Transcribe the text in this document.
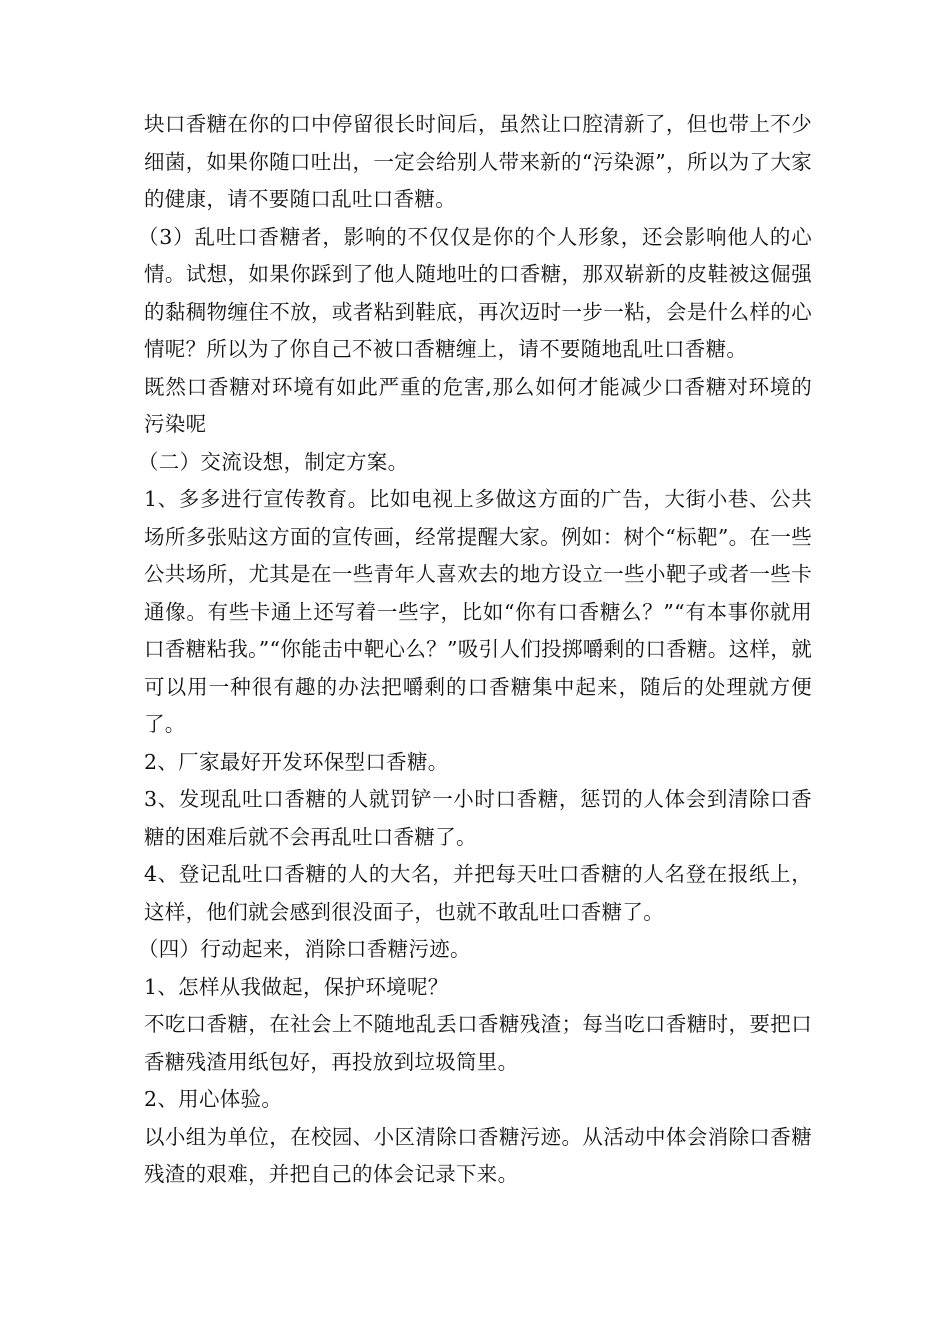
块口香糖在你的口中停留很长时间后，虽然让口腔清新了，但也带上不少细菌，如果你随口吐出，一定会给别人带来新的“污染源”，所以为了大家的健康，请不要随口乱吐口香糖。

（3）乱吐口香糖者，影响的不仅仅是你的个人形象，还会影响他人的心情。试想，如果你踩到了他人随地吐的口香糖，那双崭新的皮鞋被这倔强的黏稠物缠住不放，或者粘到鞋底，再次迈时一步一粘，会是什么样的心情呢？所以为了你自己不被口香糖缠上，请不要随地乱吐口香糖。

既然口香糖对环境有如此严重的危害,那么如何才能减少口香糖对环境的污染呢

（二）交流设想，制定方案。

1、多多进行宣传教育。比如电视上多做这方面的广告，大街小巷、公共场所多张贴这方面的宣传画，经常提醒大家。例如：树个“标靶”。在一些公共场所，尤其是在一些青年人喜欢去的地方设立一些小靶子或者一些卡通像。有些卡通上还写着一些字，比如“你有口香糖么？”“有本事你就用口香糖粘我。”“你能击中靶心么？”吸引人们投掷嚼剩的口香糖。这样，就可以用一种很有趣的办法把嚼剩的口香糖集中起来，随后的处理就方便了。

2、厂家最好开发环保型口香糖。

3、发现乱吐口香糖的人就罚铲一小时口香糖，惩罚的人体会到清除口香糖的困难后就不会再乱吐口香糖了。

4、登记乱吐口香糖的人的大名，并把每天吐口香糖的人名登在报纸上，这样，他们就会感到很没面子，也就不敢乱吐口香糖了。

（四）行动起来，消除口香糖污迹。

1、怎样从我做起，保护环境呢？

不吃口香糖，在社会上不随地乱丢口香糖残渣；每当吃口香糖时，要把口香糖残渣用纸包好，再投放到垃圾筒里。

2、用心体验。

以小组为单位，在校园、小区清除口香糖污迹。从活动中体会消除口香糖残渣的艰难，并把自己的体会记录下来。
